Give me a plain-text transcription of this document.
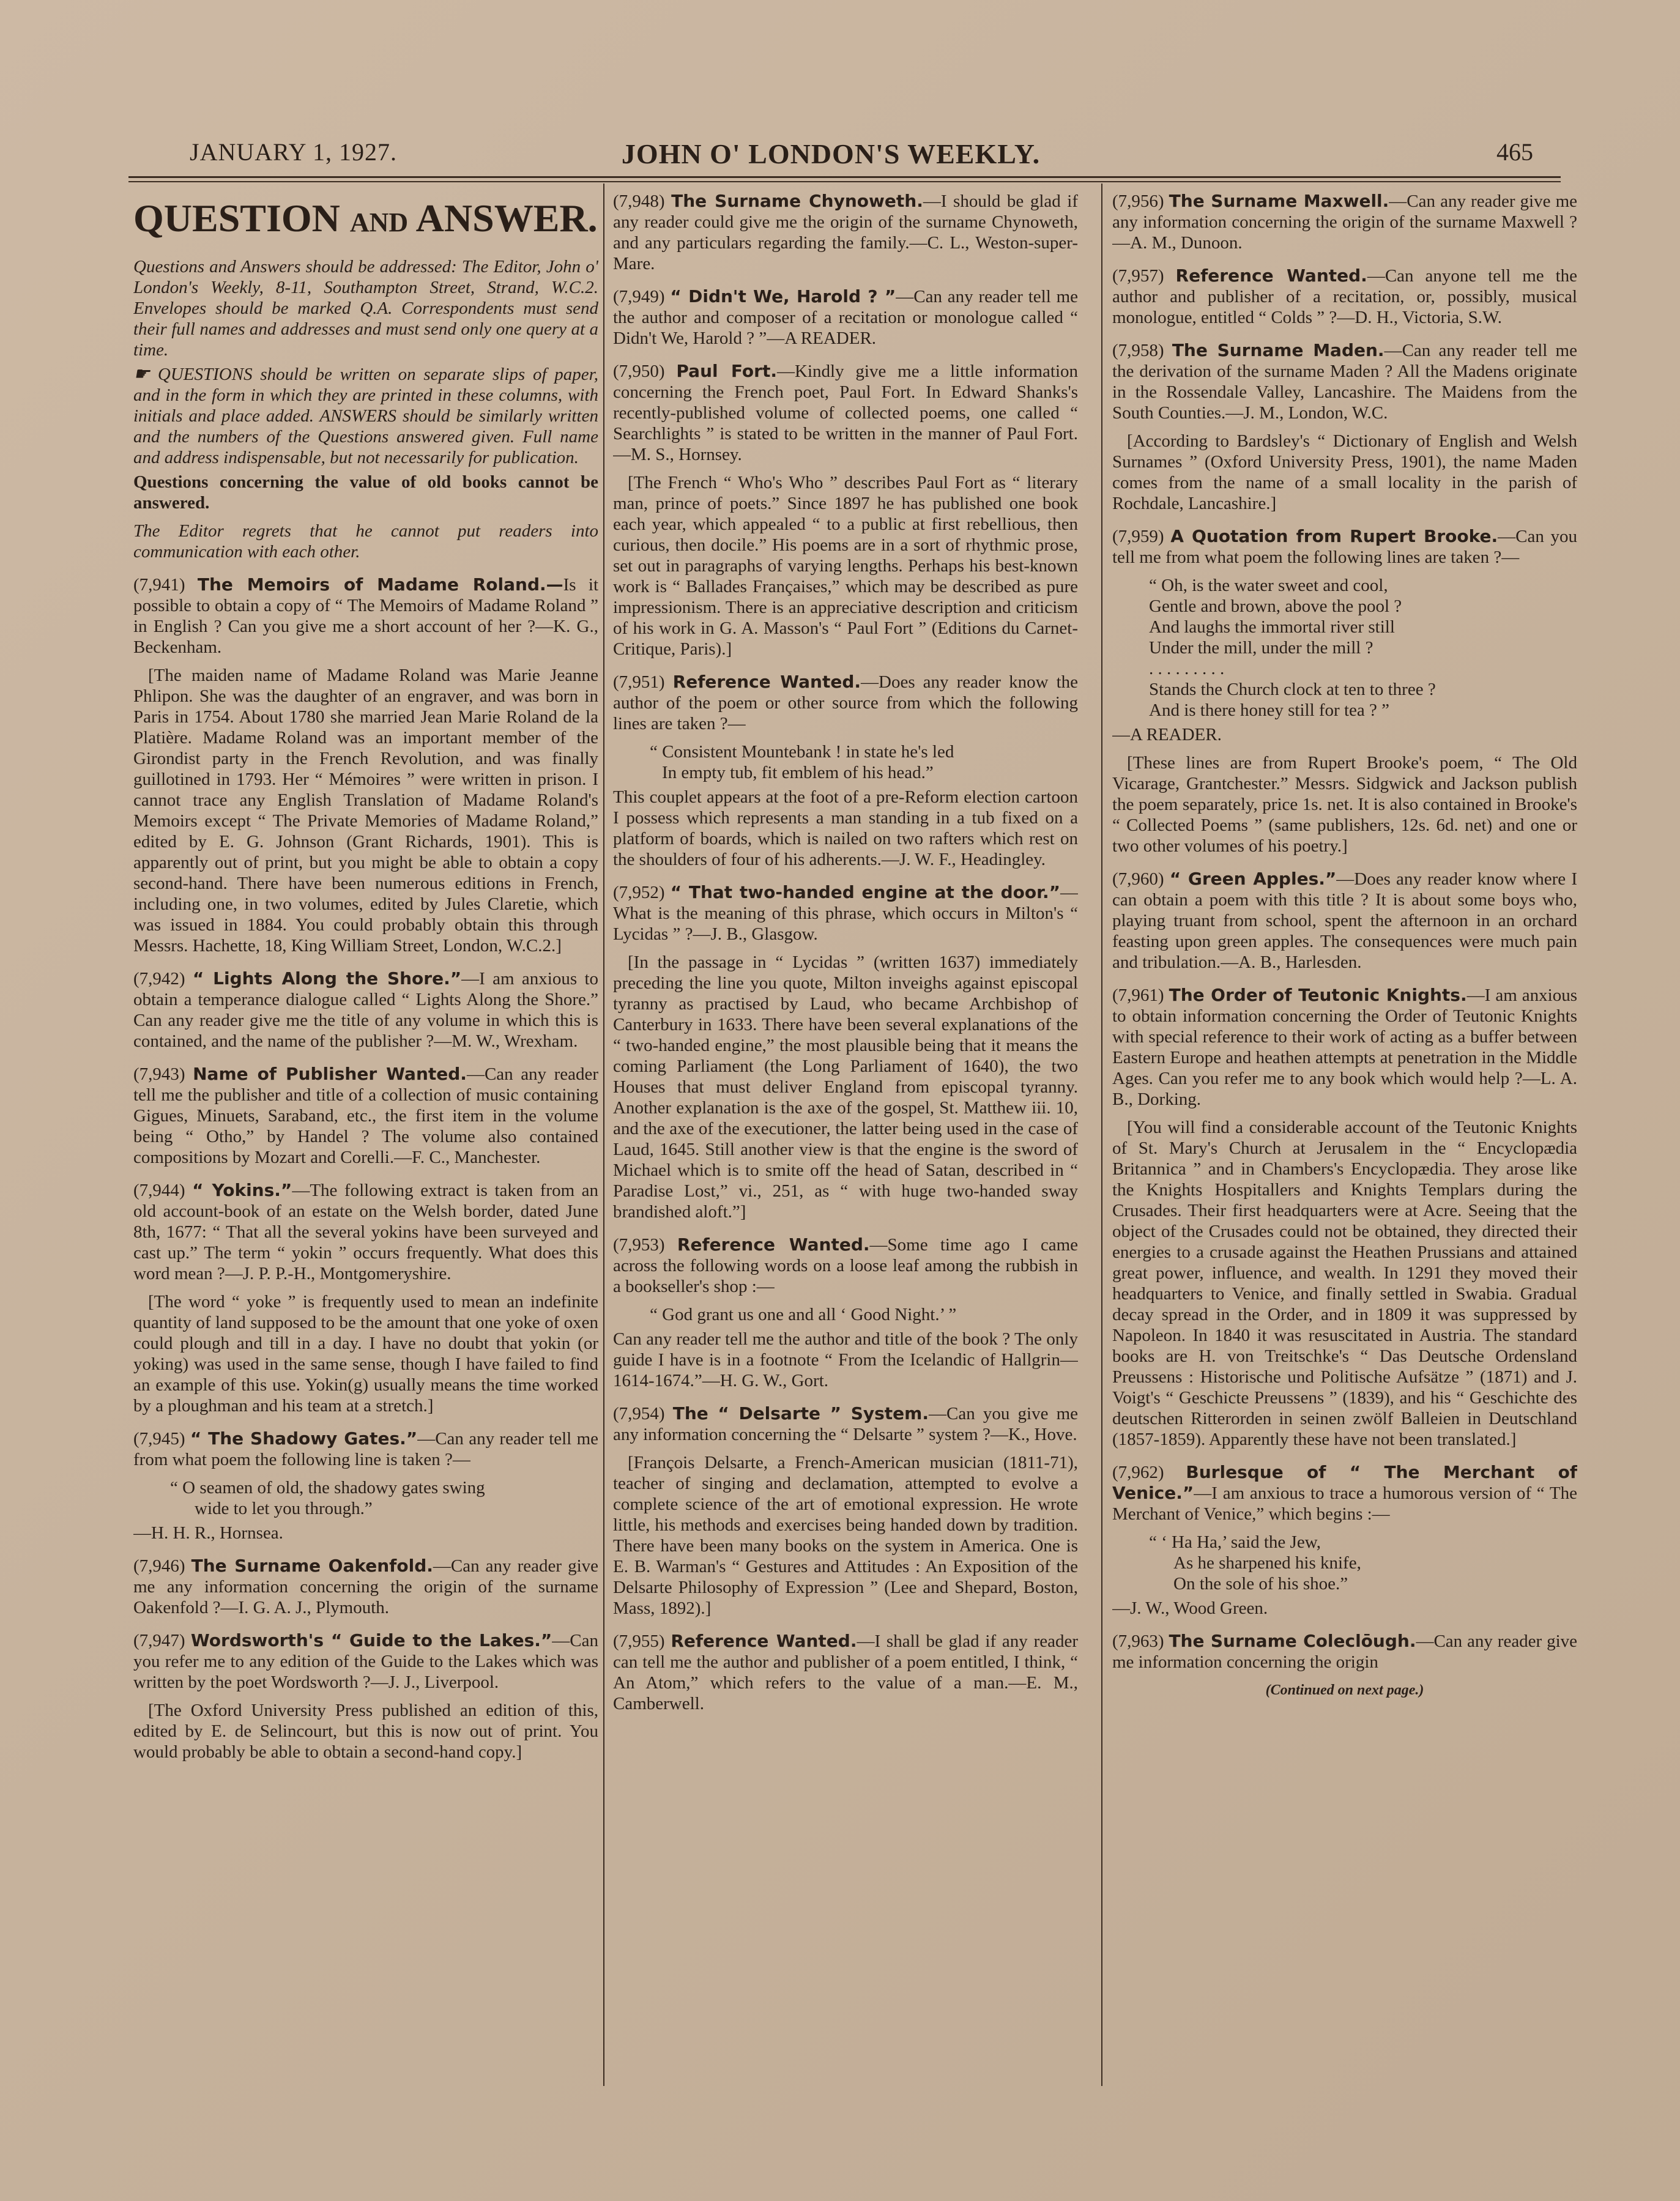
JANUARY 1, 1927.	JOHN O' LONDON'S WEEKLY.	465
QUESTION AND ANSWER.

Questions and Answers should be addressed: The Editor, John o' London's Weekly, 8-11, Southampton Street, Strand, W.C.2. Envelopes should be marked Q.A. Correspondents must send their full names and addresses and must send only one query at a time.

☛ QUESTIONS should be written on separate slips of paper, and in the form in which they are printed in these columns, with initials and place added. ANSWERS should be similarly written and the numbers of the Questions answered given. Full name and address indispensable, but not necessarily for publication.

Questions concerning the value of old books cannot be answered.

The Editor regrets that he cannot put readers into communication with each other.

(7,941) The Memoirs of Madame Roland.—Is it possible to obtain a copy of “ The Memoirs of Madame Roland ” in English ? Can you give me a short account of her ?—K. G., Beckenham.

[The maiden name of Madame Roland was Marie Jeanne Phlipon. She was the daughter of an engraver, and was born in Paris in 1754. About 1780 she married Jean Marie Roland de la Platière. Madame Roland was an important member of the Girondist party in the French Revolution, and was finally guillotined in 1793. Her “ Mémoires ” were written in prison. I cannot trace any English Translation of Madame Roland's Memoirs except “ The Private Memories of Madame Roland,” edited by E. G. Johnson (Grant Richards, 1901). This is apparently out of print, but you might be able to obtain a copy second-hand. There have been numerous editions in French, including one, in two volumes, edited by Jules Claretie, which was issued in 1884. You could probably obtain this through Messrs. Hachette, 18, King William Street, London, W.C.2.]

(7,942) “ Lights Along the Shore.”—I am anxious to obtain a temperance dialogue called “ Lights Along the Shore.” Can any reader give me the title of any volume in which this is contained, and the name of the publisher ?—M. W., Wrexham.

(7,943) Name of Publisher Wanted.—Can any reader tell me the publisher and title of a collection of music containing Gigues, Minuets, Saraband, etc., the first item in the volume being “ Otho,” by Handel ? The volume also contained compositions by Mozart and Corelli.—F. C., Manchester.

(7,944) “ Yokins.”—The following extract is taken from an old account-book of an estate on the Welsh border, dated June 8th, 1677: “ That all the several yokins have been surveyed and cast up.” The term “ yokin ” occurs frequently. What does this word mean ?—J. P. P.-H., Montgomeryshire.

[The word “ yoke ” is frequently used to mean an indefinite quantity of land supposed to be the amount that one yoke of oxen could plough and till in a day. I have no doubt that yokin (or yoking) was used in the same sense, though I have failed to find an example of this use. Yokin(g) usually means the time worked by a ploughman and his team at a stretch.]

(7,945) “ The Shadowy Gates.”—Can any reader tell me from what poem the following line is taken ?—

“ O seamen of old, the shadowy gates swing
wide to let you through.”

—H. H. R., Hornsea.

(7,946) The Surname Oakenfold.—Can any reader give me any information concerning the origin of the surname Oakenfold ?—I. G. A. J., Plymouth.

(7,947) Wordsworth's “ Guide to the Lakes.”—Can you refer me to any edition of the Guide to the Lakes which was written by the poet Wordsworth ?—J. J., Liverpool.

[The Oxford University Press published an edition of this, edited by E. de Selincourt, but this is now out of print. You would probably be able to obtain a second-hand copy.]

(7,948) The Surname Chynoweth.—I should be glad if any reader could give me the origin of the surname Chynoweth, and any particulars regarding the family.—C. L., Weston-super-Mare.

(7,949) “ Didn't We, Harold ? ”—Can any reader tell me the author and composer of a recitation or monologue called “ Didn't We, Harold ? ”—A READER.

(7,950) Paul Fort.—Kindly give me a little information concerning the French poet, Paul Fort. In Edward Shanks's recently-published volume of collected poems, one called “ Searchlights ” is stated to be written in the manner of Paul Fort.—M. S., Hornsey.

[The French “ Who's Who ” describes Paul Fort as “ literary man, prince of poets.” Since 1897 he has published one book each year, which appealed “ to a public at first rebellious, then curious, then docile.” His poems are in a sort of rhythmic prose, set out in paragraphs of varying lengths. Perhaps his best-known work is “ Ballades Françaises,” which may be described as pure impressionism. There is an appreciative description and criticism of his work in G. A. Masson's “ Paul Fort ” (Editions du Carnet-Critique, Paris).]

(7,951) Reference Wanted.—Does any reader know the author of the poem or other source from which the following lines are taken ?—

“ Consistent Mountebank ! in state he's led
In empty tub, fit emblem of his head.”

This couplet appears at the foot of a pre-Reform election cartoon I possess which represents a man standing in a tub fixed on a platform of boards, which is nailed on two rafters which rest on the shoulders of four of his adherents.—J. W. F., Headingley.

(7,952) “ That two-handed engine at the door.”—What is the meaning of this phrase, which occurs in Milton's “ Lycidas ” ?—J. B., Glasgow.

[In the passage in “ Lycidas ” (written 1637) immediately preceding the line you quote, Milton inveighs against episcopal tyranny as practised by Laud, who became Archbishop of Canterbury in 1633. There have been several explanations of the “ two-handed engine,” the most plausible being that it means the coming Parliament (the Long Parliament of 1640), the two Houses that must deliver England from episcopal tyranny. Another explanation is the axe of the gospel, St. Matthew iii. 10, and the axe of the executioner, the latter being used in the case of Laud, 1645. Still another view is that the engine is the sword of Michael which is to smite off the head of Satan, described in “ Paradise Lost,” vi., 251, as “ with huge two-handed sway brandished aloft.”]

(7,953) Reference Wanted.—Some time ago I came across the following words on a loose leaf among the rubbish in a bookseller's shop :—

“ God grant us one and all ‘ Good Night.’ ”

Can any reader tell me the author and title of the book ? The only guide I have is in a footnote “ From the Icelandic of Hallgrin—1614-1674.”—H. G. W., Gort.

(7,954) The “ Delsarte ” System.—Can you give me any information concerning the “ Delsarte ” system ?—K., Hove.

[François Delsarte, a French-American musician (1811-71), teacher of singing and declamation, attempted to evolve a complete science of the art of emotional expression. He wrote little, his methods and exercises being handed down by tradition. There have been many books on the system in America. One is E. B. Warman's “ Gestures and Attitudes : An Exposition of the Delsarte Philosophy of Expression ” (Lee and Shepard, Boston, Mass, 1892).]

(7,955) Reference Wanted.—I shall be glad if any reader can tell me the author and publisher of a poem entitled, I think, “ An Atom,” which refers to the value of a man.—E. M., Camberwell.

(7,956) The Surname Maxwell.—Can any reader give me any information concerning the origin of the surname Maxwell ?—A. M., Dunoon.

(7,957) Reference Wanted.—Can anyone tell me the author and publisher of a recitation, or, possibly, musical monologue, entitled “ Colds ” ?—D. H., Victoria, S.W.

(7,958) The Surname Maden.—Can any reader tell me the derivation of the surname Maden ? All the Madens originate in the Rossendale Valley, Lancashire. The Maidens from the South Counties.—J. M., London, W.C.

[According to Bardsley's “ Dictionary of English and Welsh Surnames ” (Oxford University Press, 1901), the name Maden comes from the name of a small locality in the parish of Rochdale, Lancashire.]

(7,959) A Quotation from Rupert Brooke.—Can you tell me from what poem the following lines are taken ?—

“ Oh, is the water sweet and cool,
Gentle and brown, above the pool ?
And laughs the immortal river still
Under the mill, under the mill ?
. . . . . . . . .
Stands the Church clock at ten to three ?
And is there honey still for tea ? ”

—A READER.

[These lines are from Rupert Brooke's poem, “ The Old Vicarage, Grantchester.” Messrs. Sidgwick and Jackson publish the poem separately, price 1s. net. It is also contained in Brooke's “ Collected Poems ” (same publishers, 12s. 6d. net) and one or two other volumes of his poetry.]

(7,960) “ Green Apples.”—Does any reader know where I can obtain a poem with this title ? It is about some boys who, playing truant from school, spent the afternoon in an orchard feasting upon green apples. The consequences were much pain and tribulation.—A. B., Harlesden.

(7,961) The Order of Teutonic Knights.—I am anxious to obtain information concerning the Order of Teutonic Knights with special reference to their work of acting as a buffer between Eastern Europe and heathen attempts at penetration in the Middle Ages. Can you refer me to any book which would help ?—L. A. B., Dorking.

[You will find a considerable account of the Teutonic Knights of St. Mary's Church at Jerusalem in the “ Encyclopædia Britannica ” and in Chambers's Encyclopædia. They arose like the Knights Hospitallers and Knights Templars during the Crusades. Their first headquarters were at Acre. Seeing that the object of the Crusades could not be obtained, they directed their energies to a crusade against the Heathen Prussians and attained great power, influence, and wealth. In 1291 they moved their headquarters to Venice, and finally settled in Swabia. Gradual decay spread in the Order, and in 1809 it was suppressed by Napoleon. In 1840 it was resuscitated in Austria. The standard books are H. von Treitschke's “ Das Deutsche Ordensland Preussens : Historische und Politische Aufsätze ” (1871) and J. Voigt's “ Geschicte Preussens ” (1839), and his “ Geschichte des deutschen Ritterorden in seinen zwölf Balleien in Deutschland (1857-1859). Apparently these have not been translated.]

(7,962) Burlesque of “ The Merchant of Venice.”—I am anxious to trace a humorous version of “ The Merchant of Venice,” which begins :—

“ ‘ Ha Ha,’ said the Jew,
As he sharpened his knife,
On the sole of his shoe.”

—J. W., Wood Green.

(7,963) The Surname Coleclōugh.—Can any reader give me information concerning the origin

(Continued on next page.)
